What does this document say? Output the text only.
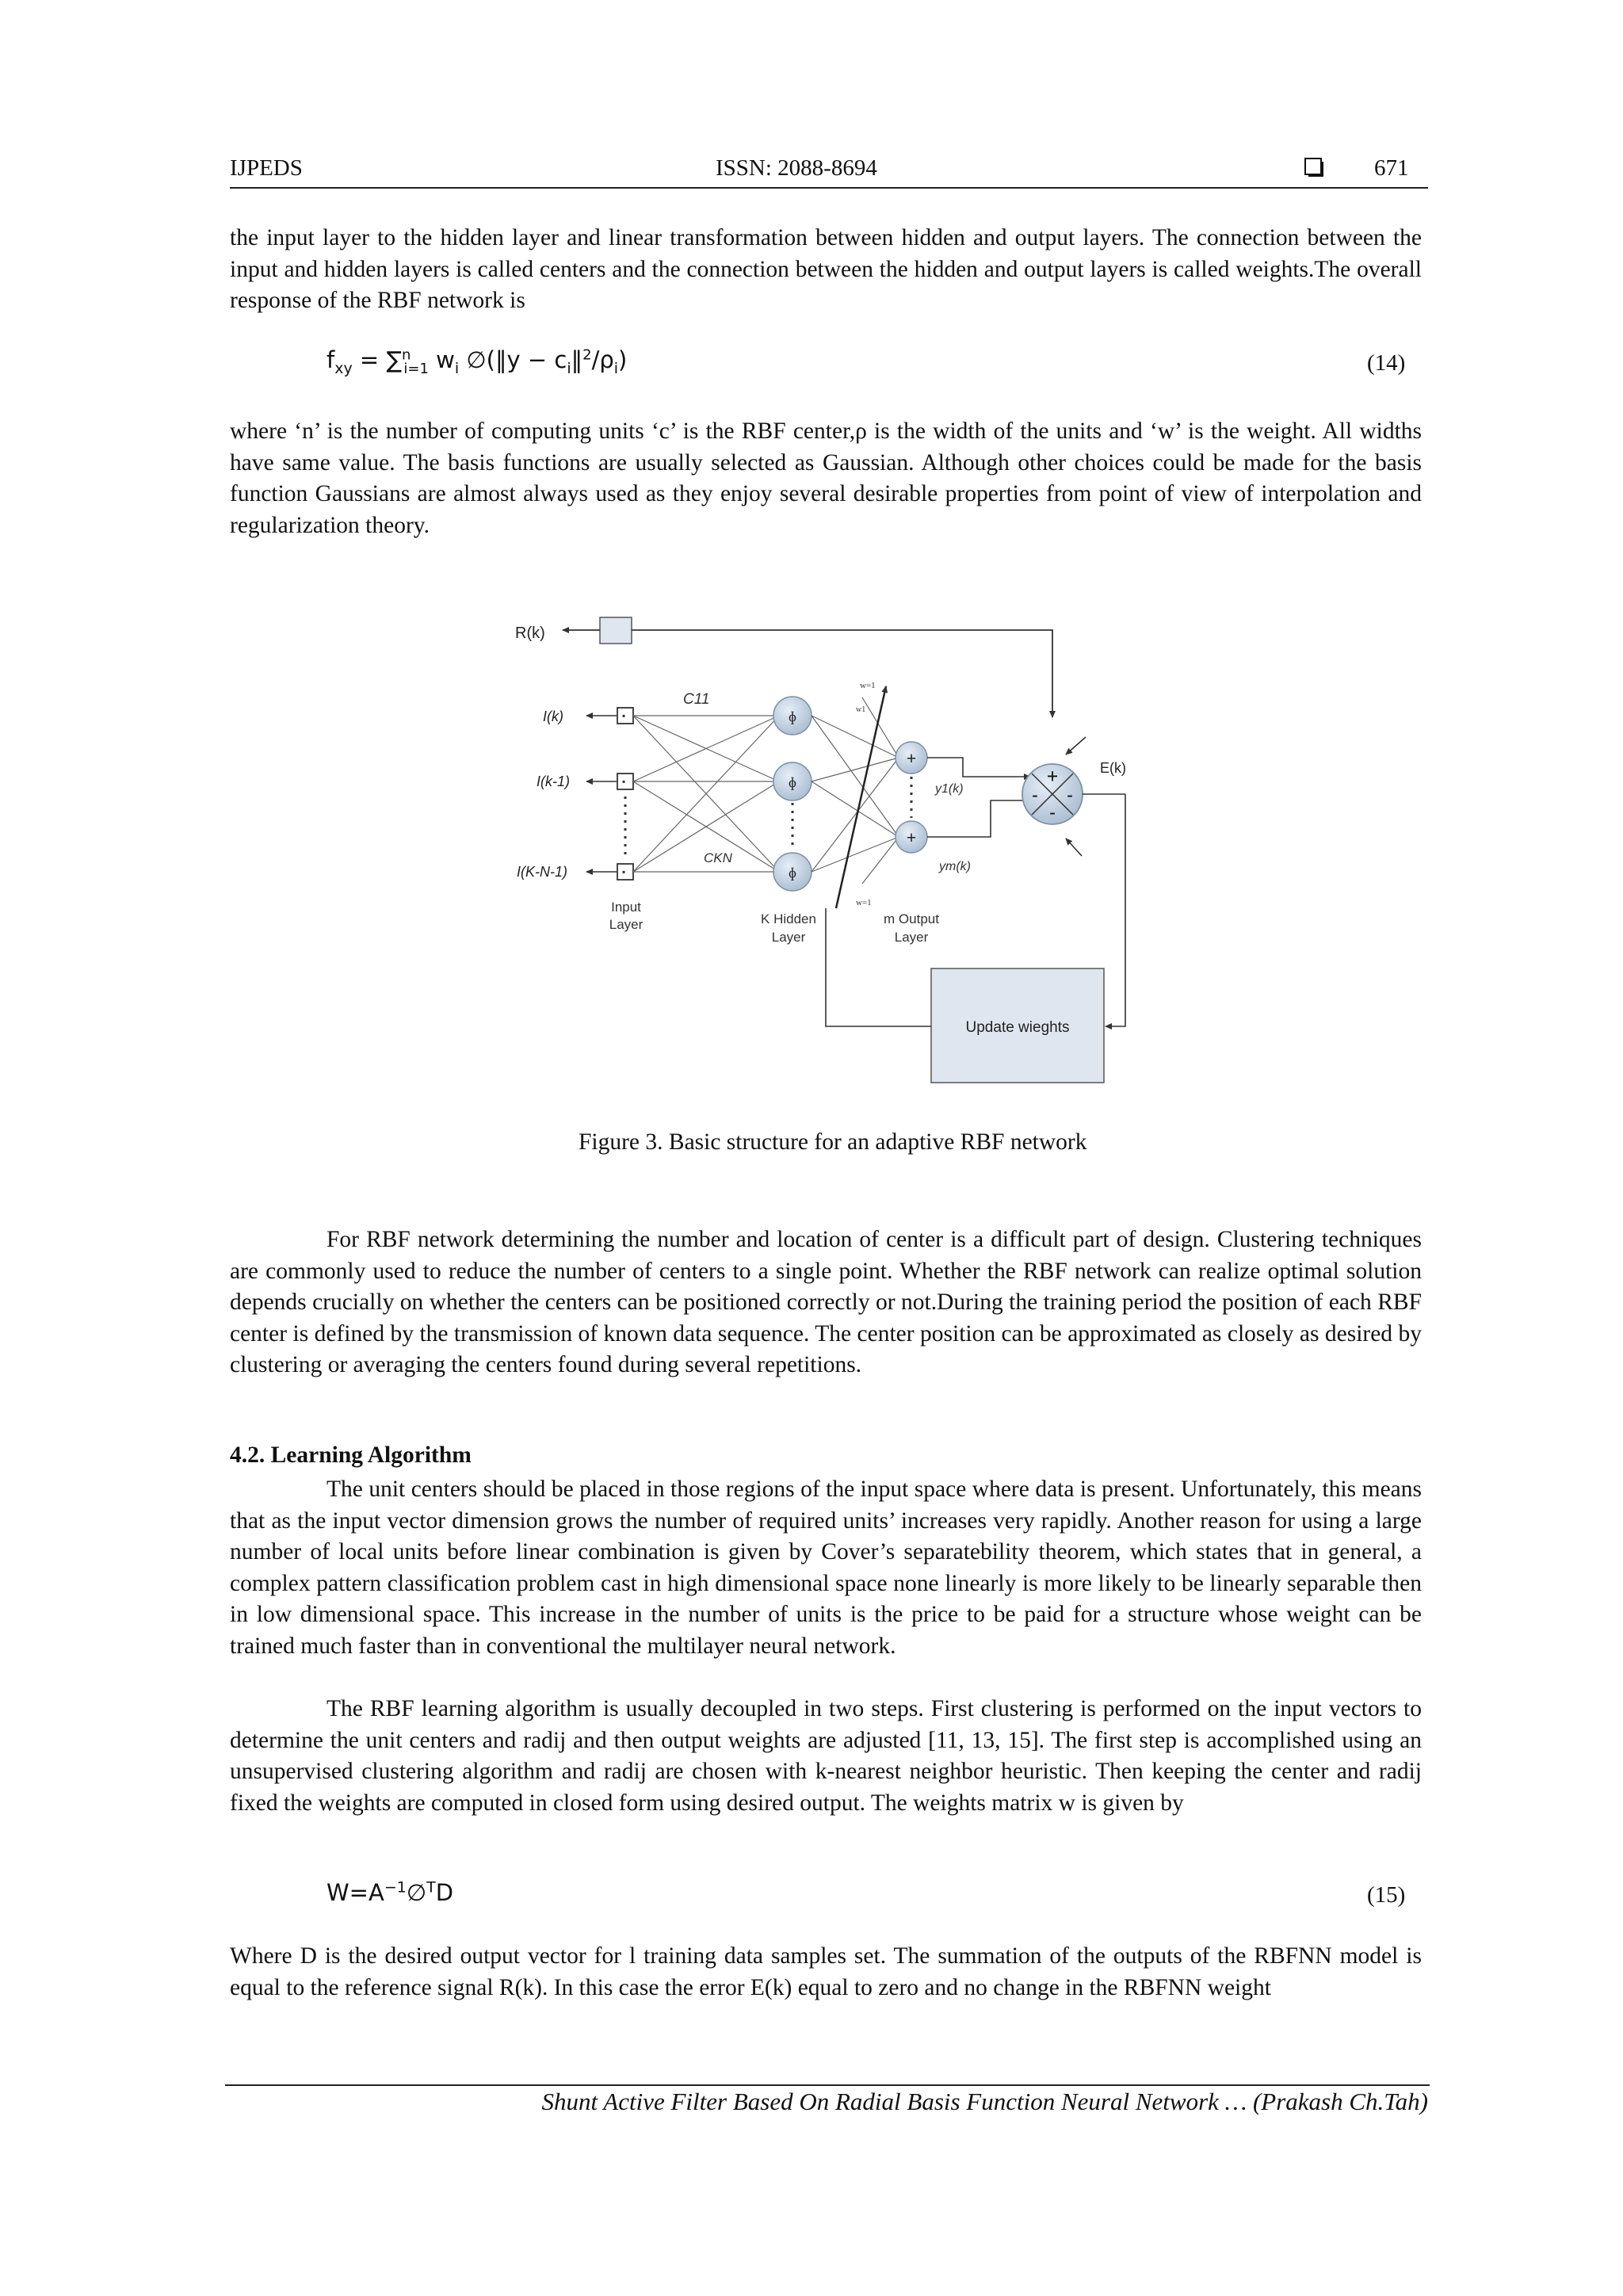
IJPEDS	ISSN: 2088-8694	671
the input layer to the hidden layer and linear transformation between hidden and output layers. The connection between the input and hidden layers is called centers and the connection between the hidden and output layers is called weights.The overall response of the RBF network is
$f_{xy} = \sum^n_{i=1}$ $w_i$ ∅(‖y − $c_i‖^2/\rho_i$)	(14)
where ‘n’ is the number of computing units ‘c’ is the RBF center,ρ is the width of the units and ‘w’ is the weight. All widths have same value. The basis functions are usually selected as Gaussian. Although other choices could be made for the basis function Gaussians are almost always used as they enjoy several desirable properties from point of view of interpolation and regularization theory.
R(k)
I(k)
I(k-1)
I(K-N-1)
▪
▪
▪
C11
CKN
ɸ
ɸ
ɸ
w=1
w1
w=1
+
+
y1(k)
ym(k)
+
- -
-
E(k)
Update wieghts
Input
Layer	K Hidden
Layer
m Output
Layer
Figure 3. Basic structure for an adaptive RBF network
For RBF network determining the number and location of center is a difficult part of design. Clustering techniques are commonly used to reduce the number of centers to a single point. Whether the RBF network can realize optimal solution depends crucially on whether the centers can be positioned correctly or not.During the training period the position of each RBF center is defined by the transmission of known data sequence. The center position can be approximated as closely as desired by clustering or averaging the centers found during several repetitions.
4.2. Learning Algorithm
The unit centers should be placed in those regions of the input space where data is present. Unfortunately, this means that as the input vector dimension grows the number of required units’ increases very rapidly. Another reason for using a large number of local units before linear combination is given by Cover’s separatebility theorem, which states that in general, a complex pattern classification problem cast in high dimensional space none linearly is more likely to be linearly separable then in low dimensional space. This increase in the number of units is the price to be paid for a structure whose weight can be trained much faster than in conventional the multilayer neural network.
The RBF learning algorithm is usually decoupled in two steps. First clustering is performed on the input vectors to determine the unit centers and radij and then output weights are adjusted [11, 13, 15]. The first step is accomplished using an unsupervised clustering algorithm and radij are chosen with k-nearest neighbor heuristic. Then keeping the center and radij fixed the weights are computed in closed form using desired output. The weights matrix w is given by
$W=A^{-1}\emptyset^TD$	(15)
Where D is the desired output vector for l training data samples set. The summation of the outputs of the RBFNN model is equal to the reference signal R(k). In this case the error E(k) equal to zero and no change in the RBFNN weight
Shunt Active Filter Based On Radial Basis Function Neural Network … (Prakash Ch.Tah)
